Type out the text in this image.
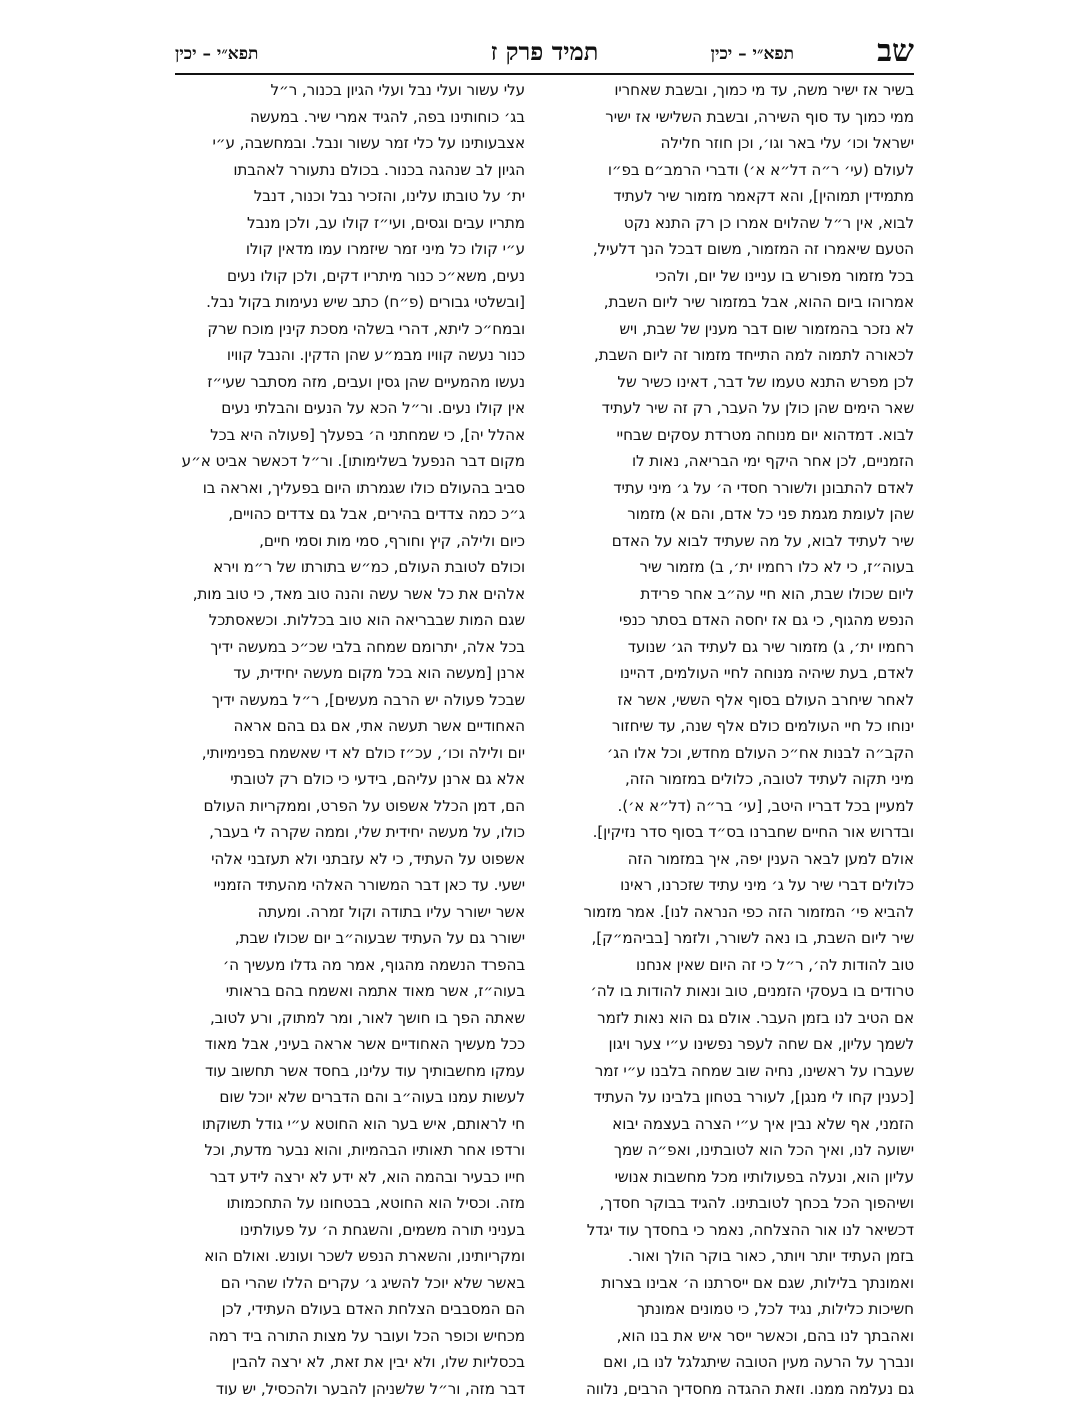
שב
תפא״י – יכין
תמיד פרק ז
תפא״י – יכין
בשיר אז ישיר משה, עד מי כמוך, ובשבת שאחריו
ממי כמוך עד סוף השירה, ובשבת השלישי אז ישיר
ישראל וכו׳ עלי באר וגו׳, וכן חוזר חלילה
לעולם (עי׳ ר״ה דל״א א׳) ודברי הרמב״ם בפ״ו
מתמידין תמוהין], והא דקאמר מזמור שיר לעתיד
לבוא, אין ר״ל שהלוים אמרו כן רק התנא נקט
הטעם שיאמרו זה המזמור, משום דבכל הנך דלעיל,
בכל מזמור מפורש בו עניינו של יום, ולהכי
אמרוהו ביום ההוא, אבל במזמור שיר ליום השבת,
לא נזכר בהמזמור שום דבר מענין של שבת, ויש
לכאורה לתמוה למה התייחד מזמור זה ליום השבת,
לכן מפרש התנא טעמו של דבר, דאינו כשיר של
שאר הימים שהן כולן על העבר, רק זה שיר לעתיד
לבוא. דמדהוא יום מנוחה מטרדת עסקים שבחיי
הזמניים, לכן אחר היקף ימי הבריאה, נאות לו
לאדם להתבונן ולשורר חסדי ה׳ על ג׳ מיני עתיד
שהן לעומת מגמת פני כל אדם, והם א) מזמור
שיר לעתיד לבוא, על מה שעתיד לבוא על האדם
בעוה״ז, כי לא כלו רחמיו ית׳, ב) מזמור שיר
ליום שכולו שבת, הוא חיי עה״ב אחר פרידת
הנפש מהגוף, כי גם אז יחסה האדם בסתר כנפי
רחמיו ית׳, ג) מזמור שיר גם לעתיד הג׳ שנועד
לאדם, בעת שיהיה מנוחה לחיי העולמים, דהיינו
לאחר שיחרב העולם בסוף אלף הששי, אשר אז
ינוחו כל חיי העולמים כולם אלף שנה, עד שיחזור
הקב״ה לבנות אח״כ העולם מחדש, וכל אלו הג׳
מיני תקוה לעתיד לטובה, כלולים במזמור הזה,
למעיין בכל דבריו היטב, [עי׳ בר״ה (דל״א א׳).
ובדרוש אור החיים שחברנו בס״ד בסוף סדר נזיקין].
אולם למען לבאר הענין יפה, איך במזמור הזה
כלולים דברי שיר על ג׳ מיני עתיד שזכרנו, ראינו
להביא פי׳ המזמור הזה כפי הנראה לנו]. אמר מזמור
שיר ליום השבת, בו נאה לשורר, ולזמר [בביהמ״ק],
טוב להודות לה׳, ר״ל כי זה היום שאין אנחנו
טרודים בו בעסקי הזמנים, טוב ונאות להודות בו לה׳
אם הטיב לנו בזמן העבר. אולם גם הוא נאות לזמר
לשמך עליון, אם שחה לעפר נפשינו ע״י צער ויגון
שעברו על ראשינו, נחיה שוב שמחה בלבנו ע״י זמר
[כענין קחו לי מנגן], לעורר בטחון בלבינו על העתיד
הזמני, אף שלא נבין איך ע״י הצרה בעצמה יבוא
ישועה לנו, ואיך הכל הוא לטובתינו, ואפ״ה שמך
עליון הוא, ונעלה בפעולותיו מכל מחשבות אנושי
ושיהפוך הכל בכחך לטובתינו. להגיד בבוקר חסדך,
דכשיאר לנו אור ההצלחה, נאמר כי בחסדך עוד יגדל
בזמן העתיד יותר ויותר, כאור בוקר הולך ואור.
ואמונתך בלילות, שגם אם ייסרתנו ה׳ אבינו בצרות
חשיכות כלילות, נגיד לכל, כי טמונים אמונתך
ואהבתך לנו בהם, וכאשר ייסר איש את בנו הוא,
ונברך על הרעה מעין הטובה שיתגלגל לנו בו, ואם
גם נעלמה ממנו. וזאת ההגדה מחסדיך הרבים, נלווה
עלי עשור ועלי נבל ועלי הגיון בכנור, ר״ל
בג׳ כוחותינו בפה, להגיד אמרי שיר. במעשה
אצבעותינו על כלי זמר עשור ונבל. ובמחשבה, ע״י
הגיון לב שנהגה בכנור. בכולם נתעורר לאהבתו
ית׳ על טובתו עלינו, והזכיר נבל וכנור, דנבל
מתריו עבים וגסים, ועי״ז קולו עב, ולכן מנבל
ע״י קולו כל מיני זמר שיזמרו עמו מדאין קולו
נעים, משא״כ כנור מיתריו דקים, ולכן קולו נעים
[ובשלטי גבורים (פ״ח) כתב שיש נעימות בקול נבל.
ובמח״כ ליתא, דהרי בשלהי מסכת קינין מוכח שרק
כנור נעשה קוויו מבמ״ע שהן הדקין. והנבל קוויו
נעשו מהמעיים שהן גסין ועבים, מזה מסתבר שעי״ז
אין קולו נעים. ור״ל הכא על הנעים והבלתי נעים
אהלל יה], כי שמחתני ה׳ בפעלך [פעולה היא בכל
מקום דבר הנפעל בשלימותו]. ור״ל דכאשר אביט א״ע
סביב בהעולם כולו שגמרתו היום בפעליך, ואראה בו
ג״כ כמה צדדים בהירים, אבל גם צדדים כהויים,
כיום ולילה, קיץ וחורף, סמי מות וסמי חיים,
וכולם לטובת העולם, כמ״ש בתורתו של ר״מ וירא
אלהים את כל אשר עשה והנה טוב מאד, כי טוב מות,
שגם המות שבבריאה הוא טוב בכללות. וכשאסתכל
בכל אלה, יתרומם שמחה בלבי שכ״כ במעשה ידיך
ארנן [מעשה הוא בכל מקום מעשה יחידית, עד
שבכל פעולה יש הרבה מעשים], ר״ל במעשה ידיך
האחודיים אשר תעשה אתי, אם גם בהם אראה
יום ולילה וכו׳, עכ״ז כולם לא די שאשמח בפנימיותי,
אלא גם ארנן עליהם, בידעי כי כולם רק לטובתי
הם, דמן הכלל אשפוט על הפרט, וממקריות העולם
כולו, על מעשה יחידית שלי, וממה שקרה לי בעבר,
אשפוט על העתיד, כי לא עזבתני ולא תעזבני אלהי
ישעי. עד כאן דבר המשורר האלהי מהעתיד הזמניי
אשר ישורר עליו בתודה וקול זמרה. ומעתה
ישורר גם על העתיד שבעוה״ב יום שכולו שבת,
בהפרד הנשמה מהגוף, אמר מה גדלו מעשיך ה׳
בעוה״ז, אשר מאוד אתמה ואשמח בהם בראותי
שאתה הפך בו חושך לאור, ומר למתוק, ורע לטוב,
ככל מעשיך האחודיים אשר אראה בעיני, אבל מאוד
עמקו מחשבותיך עוד עלינו, בחסד אשר תחשוב עוד
לעשות עמנו בעוה״ב והם הדברים שלא יוכל שום
חי לראותם, איש בער הוא החוטא ע״י גודל תשוקתו
ורדפו אחר תאותיו הבהמיות, והוא נבער מדעת, וכל
חייו כבעיר ובהמה הוא, לא ידע לא ירצה לידע דבר
מזה. וכסיל הוא החוטא, בבטחונו על התחכמותו
בעניני תורה משמים, והשגחת ה׳ על פעולתינו
ומקריותינו, והשארת הנפש לשכר ועונש. ואולם הוא
באשר שלא יוכל להשיג ג׳ עקרים הללו שהרי הם
הם המסבבים הצלחת האדם בעולם העתידי, לכן
מכחיש וכופר הכל ועובר על מצות התורה ביד רמה
בכסליות שלו, ולא יבין את זאת, לא ירצה להבין
דבר מזה, ור״ל שלשניהן להבער ולהכסיל, יש עוד
